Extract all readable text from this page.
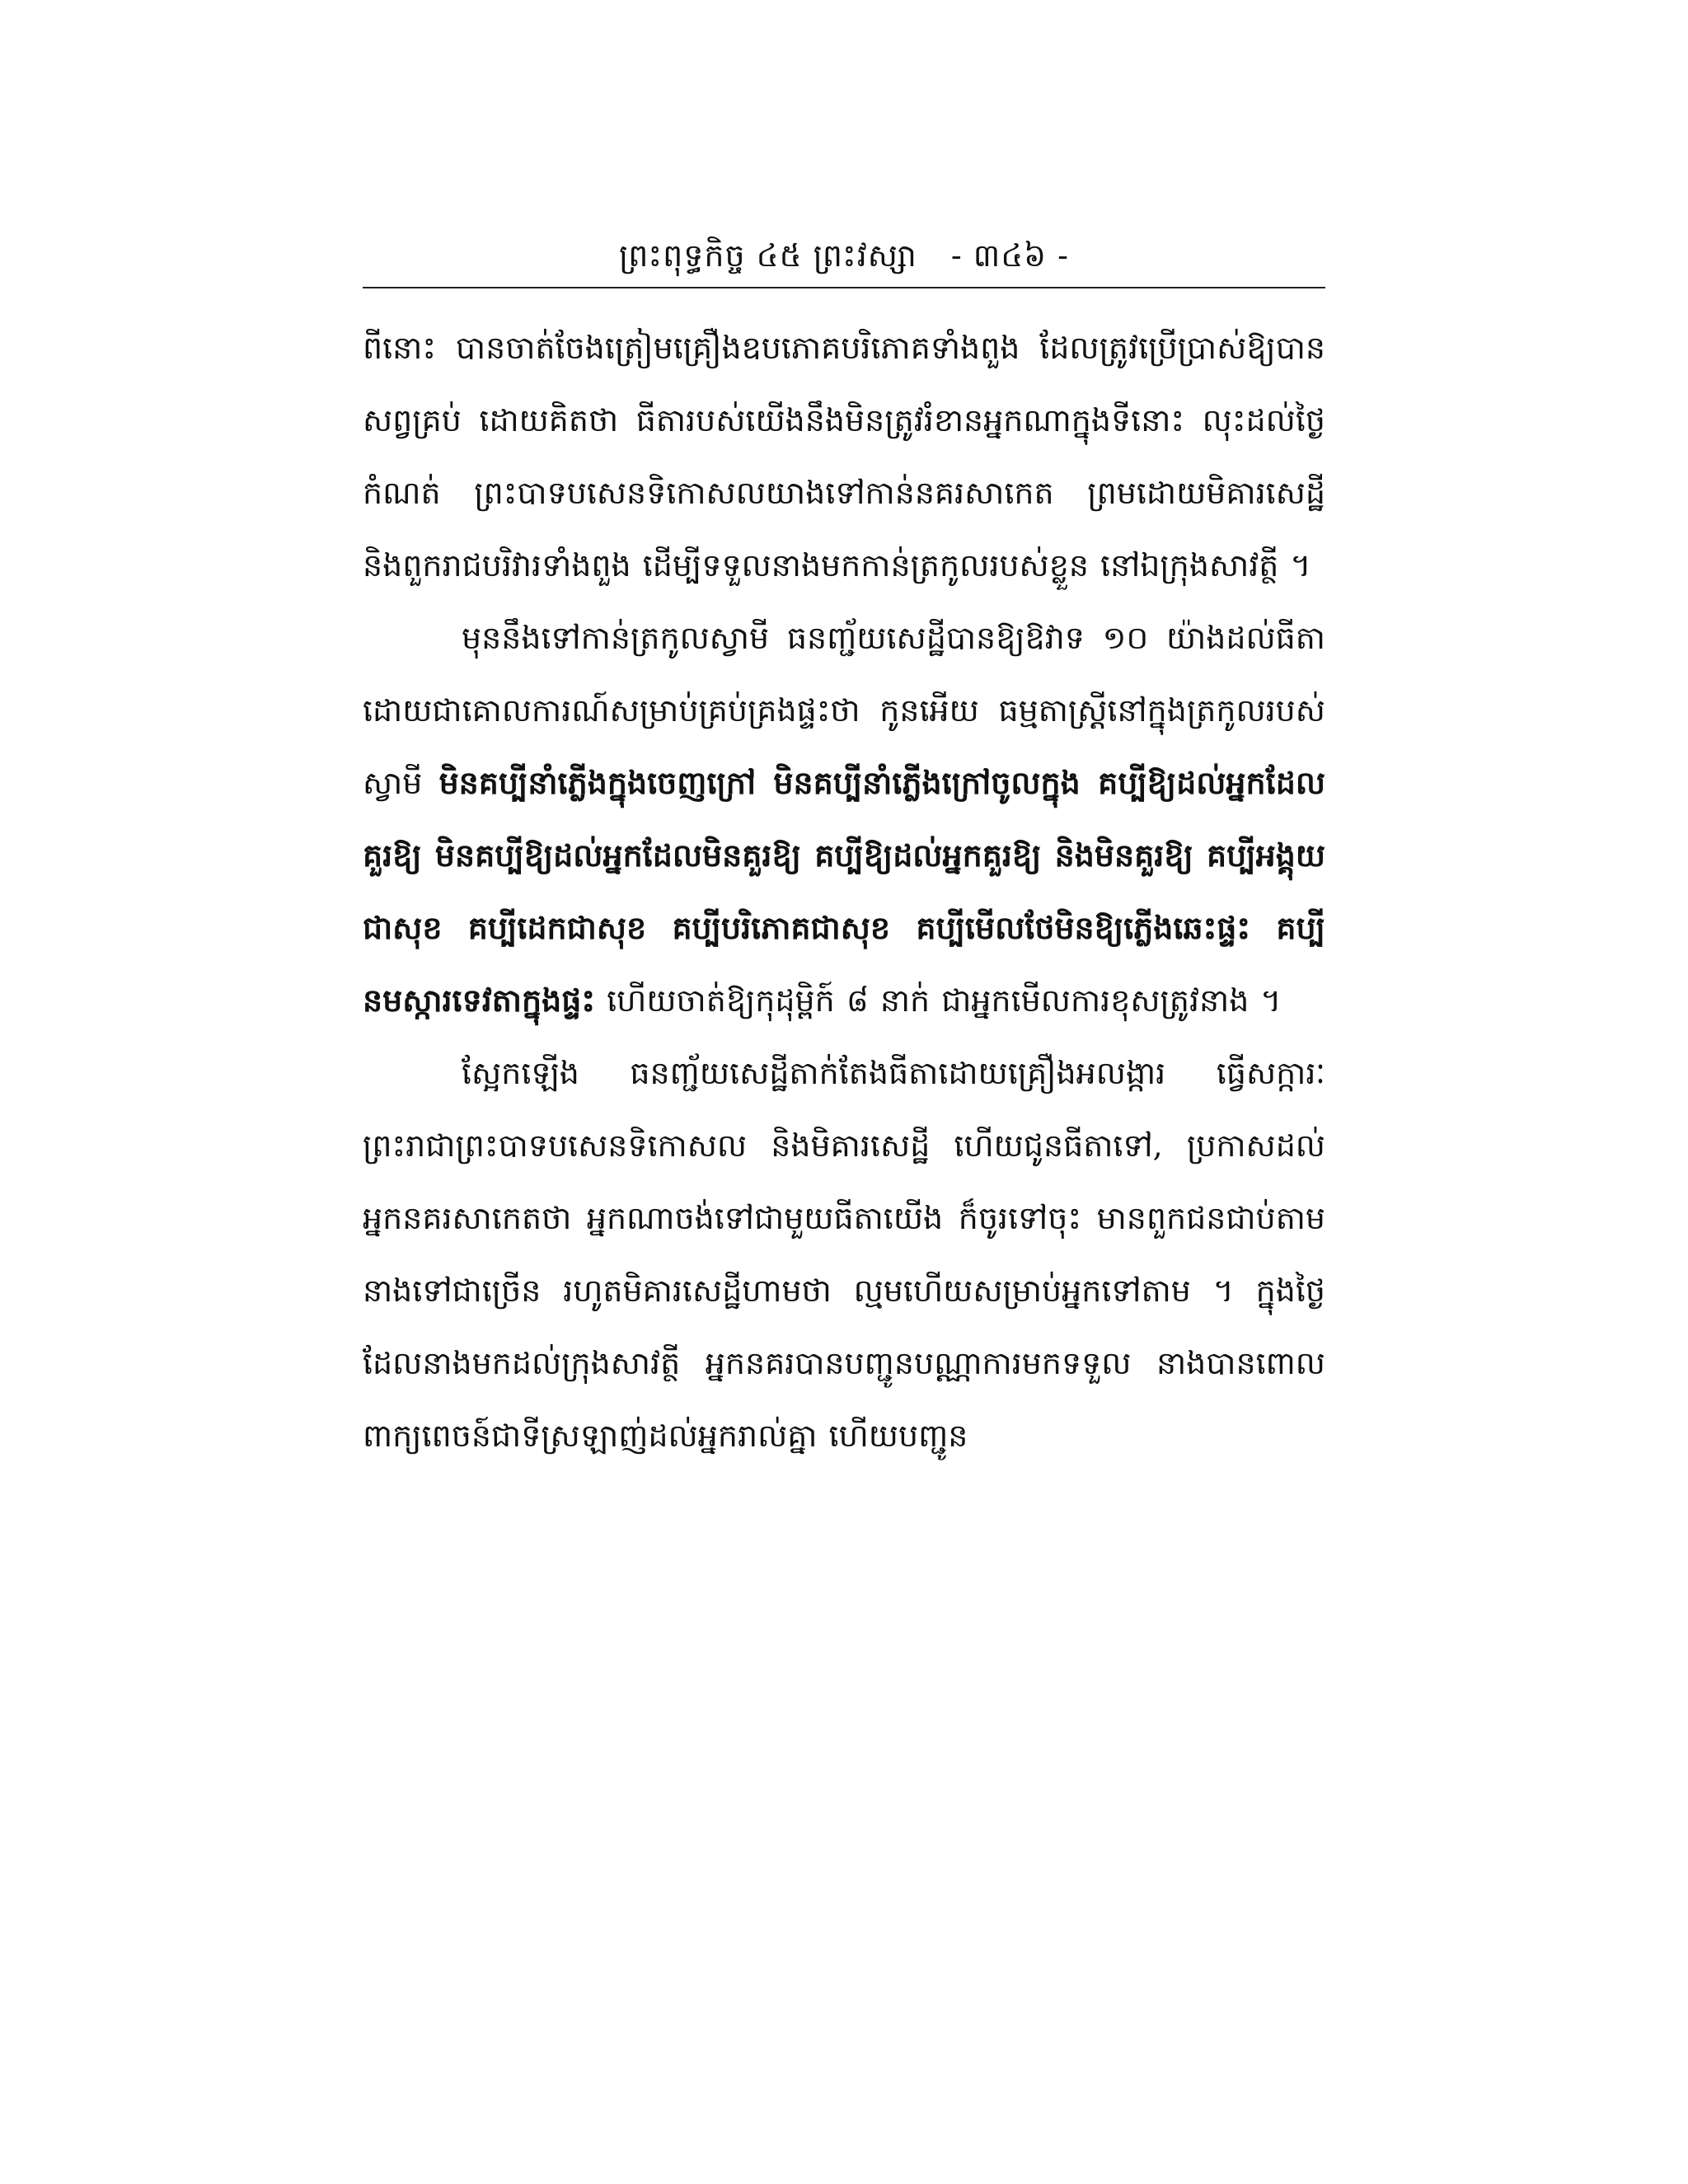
ព្រះពុទ្ធកិច្ច ៤៥ ព្រះវស្សា - ៣៤៦ -

ពីនោះ បានចាត់ចែងត្រៀមគ្រឿងឧបភោគបរិភោគទាំងពួង ដែលត្រូវប្រើប្រាស់ឱ្យបានសព្វគ្រប់ ដោយគិតថា ធីតារបស់យើងនឹងមិនត្រូវរំខានអ្នកណាក្នុងទីនោះ លុះដល់ថ្ងៃកំណត់ ព្រះបាទបសេនទិកោសលយាងទៅកាន់នគរសាកេត ព្រមដោយមិគារសេដ្ឋី និងពួករាជបរិវារទាំងពួង ដើម្បីទទួលនាងមកកាន់ត្រកូលរបស់ខ្លួន នៅឯក្រុងសាវត្ថី ។

មុននឹងទៅកាន់ត្រកូលស្វាមី ធនញ្ជ័យសេដ្ឋីបានឱ្យឱវាទ ១០ យ៉ាងដល់ធីតា ដោយជាគោលការណ៍សម្រាប់គ្រប់គ្រងផ្ទះថា កូនអើយ ធម្មតាស្ត្រីនៅក្នុងត្រកូលរបស់ស្វាមី មិនគប្បីនាំភ្លើងក្នុងចេញក្រៅ មិនគប្បីនាំភ្លើងក្រៅចូលក្នុង គប្បីឱ្យដល់អ្នកដែលគួរឱ្យ មិនគប្បីឱ្យដល់អ្នកដែលមិនគួរឱ្យ គប្បីឱ្យដល់អ្នកគួរឱ្យ និងមិនគួរឱ្យ គប្បីអង្គុយជាសុខ គប្បីដេកជាសុខ គប្បីបរិភោគជាសុខ គប្បីមើលថែមិនឱ្យភ្លើងឆេះផ្ទះ គប្បីនមស្ការទេវតាក្នុងផ្ទះ ហើយចាត់ឱ្យកុដុម្ពិក៍ ៨ នាក់ ជាអ្នកមើលការខុសត្រូវនាង ។

ស្អែកឡើង ធនញ្ជ័យសេដ្ឋីតាក់តែងធីតាដោយគ្រឿងអលង្ការ ធ្វើសក្ការៈព្រះរាជាព្រះបាទបសេនទិកោសល និងមិគារសេដ្ឋី ហើយជូនធីតាទៅ, ប្រកាសដល់អ្នកនគរសាកេតថា អ្នកណាចង់ទៅជាមួយធីតាយើង ក៏ចូរទៅចុះ មានពួកជនជាប់តាមនាងទៅជាច្រើន រហូតមិគារសេដ្ឋីហាមថា ល្មមហើយសម្រាប់អ្នកទៅតាម ។ ក្នុងថ្ងៃដែលនាងមកដល់ក្រុងសាវត្ថី អ្នកនគរបានបញ្ជូនបណ្ណាការមកទទួល នាងបានពោលពាក្យពេចន៍ជាទីស្រឡាញ់ដល់អ្នករាល់គ្នា ហើយបញ្ជូន
